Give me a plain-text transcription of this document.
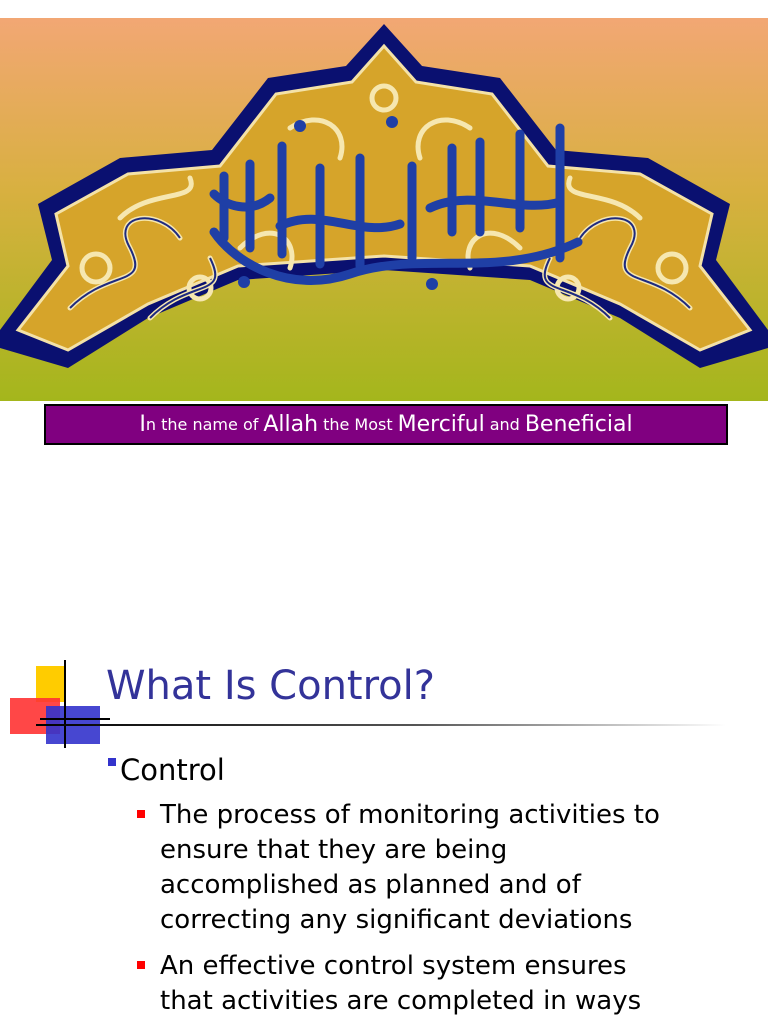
I n the name of Allah the Most Merciful and Beneficial
What Is Control?
Control
The process of monitoring activities to
ensure that they are being
accomplished as planned and of
correcting any significant deviations
An effective control system ensures
that activities are completed in ways
